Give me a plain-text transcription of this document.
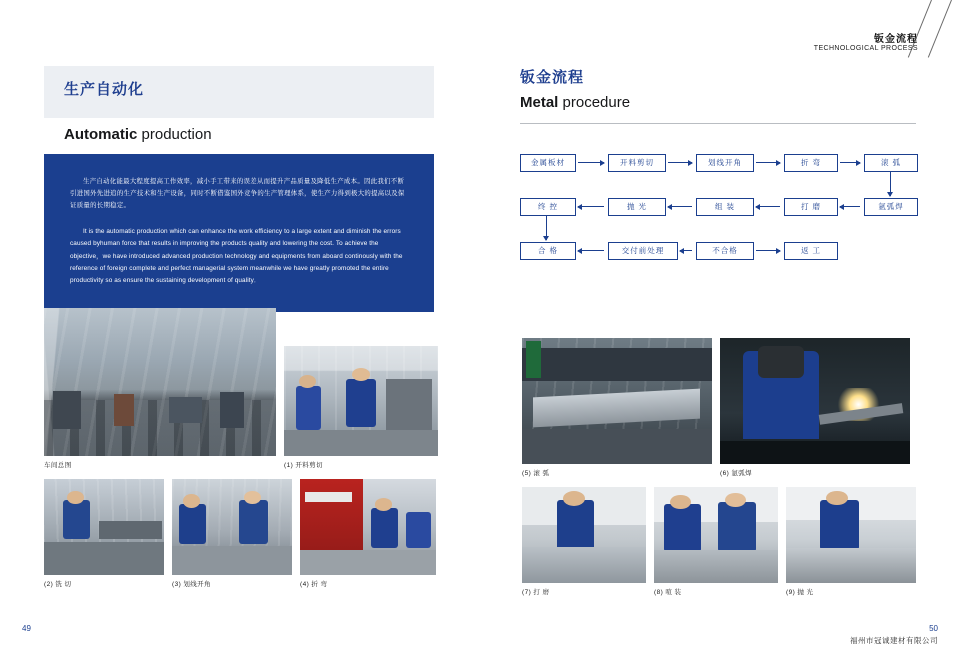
钣金流程
TECHNOLOGICAL PROCESS
生产自动化
Automatic production

生产自动化能最大程度提高工作效率，减小手工带来的误差从而提升产品质量及降低生产成本。因此我们不断引进国外先进追的生产技术和生产设备，同时不断借鉴国外竞争的生产管理体系，使生产力得到极大的提高以及保证质量的长期稳定。

It is the automatic production which can enhance the work efficiency to a large extent and diminish the errors caused byhuman force that results in improving the products quality and lowering the cost. To achieve the objective，we have introduced advanced production technology and equipments from aboard continously with the reference of foreign complete and perfect managerial system meanwhile we have greatly promoted the entire productivity so as ensure the sustaining development of quality．

车间总图	(1) 开料剪切
(2) 铣 切	(3) 划线开角	(4) 折 弯
钣金流程
Metal procedure
金属板材	开料剪切	划线开角	折 弯	滚 弧
终 控	抛 光	组 装	打 磨	氩弧焊
合 格	交付前处理	不合格	返 工
(5) 滚 弧	(6) 氩弧焊
(7) 打 磨	(8) 喧 装	(9) 抛 光
49	50
福州市冠诚建材有限公司
